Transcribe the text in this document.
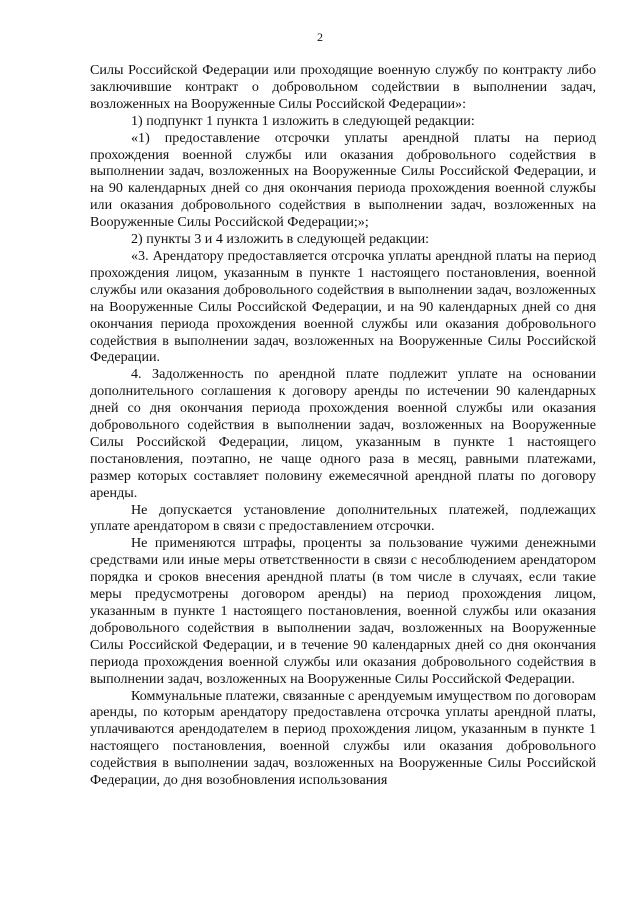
2

Силы Российской Федерации или проходящие военную службу по контракту либо заключившие контракт о добровольном содействии в выполнении задач, возложенных на Вооруженные Силы Российской Федерации»:

1) подпункт 1 пункта 1 изложить в следующей редакции:

«1) предоставление отсрочки уплаты арендной платы на период прохождения военной службы или оказания добровольного содействия в выполнении задач, возложенных на Вооруженные Силы Российской Федерации, и на 90 календарных дней со дня окончания периода прохождения военной службы или оказания добровольного содействия в выполнении задач, возложенных на Вооруженные Силы Российской Федерации;»;

2) пункты 3 и 4 изложить в следующей редакции:

«3. Арендатору предоставляется отсрочка уплаты арендной платы на период прохождения лицом, указанным в пункте 1 настоящего постановления, военной службы или оказания добровольного содействия в выполнении задач, возложенных на Вооруженные Силы Российской Федерации, и на 90 календарных дней со дня окончания периода прохождения военной службы или оказания добровольного содействия в выполнении задач, возложенных на Вооруженные Силы Российской Федерации.

4. Задолженность по арендной плате подлежит уплате на основании дополнительного соглашения к договору аренды по истечении 90 календарных дней со дня окончания периода прохождения военной службы или оказания добровольного содействия в выполнении задач, возложенных на Вооруженные Силы Российской Федерации, лицом, указанным в пункте 1 настоящего постановления, поэтапно, не чаще одного раза в месяц, равными платежами, размер которых составляет половину ежемесячной арендной платы по договору аренды.

Не допускается установление дополнительных платежей, подлежащих уплате арендатором в связи с предоставлением отсрочки.

Не применяются штрафы, проценты за пользование чужими денежными средствами или иные меры ответственности в связи с несоблюдением арендатором порядка и сроков внесения арендной платы (в том числе в случаях, если такие меры предусмотрены договором аренды) на период прохождения лицом, указанным в пункте 1 настоящего постановления, военной службы или оказания добровольного содействия в выполнении задач, возложенных на Вооруженные Силы Российской Федерации, и в течение 90 календарных дней со дня окончания периода прохождения военной службы или оказания добровольного содействия в выполнении задач, возложенных на Вооруженные Силы Российской Федерации.

Коммунальные платежи, связанные с арендуемым имуществом по договорам аренды, по которым арендатору предоставлена отсрочка уплаты арендной платы, уплачиваются арендодателем в период прохождения лицом, указанным в пункте 1 настоящего постановления, военной службы или оказания добровольного содействия в выполнении задач, возложенных на Вооруженные Силы Российской Федерации, до дня возобновления использования
